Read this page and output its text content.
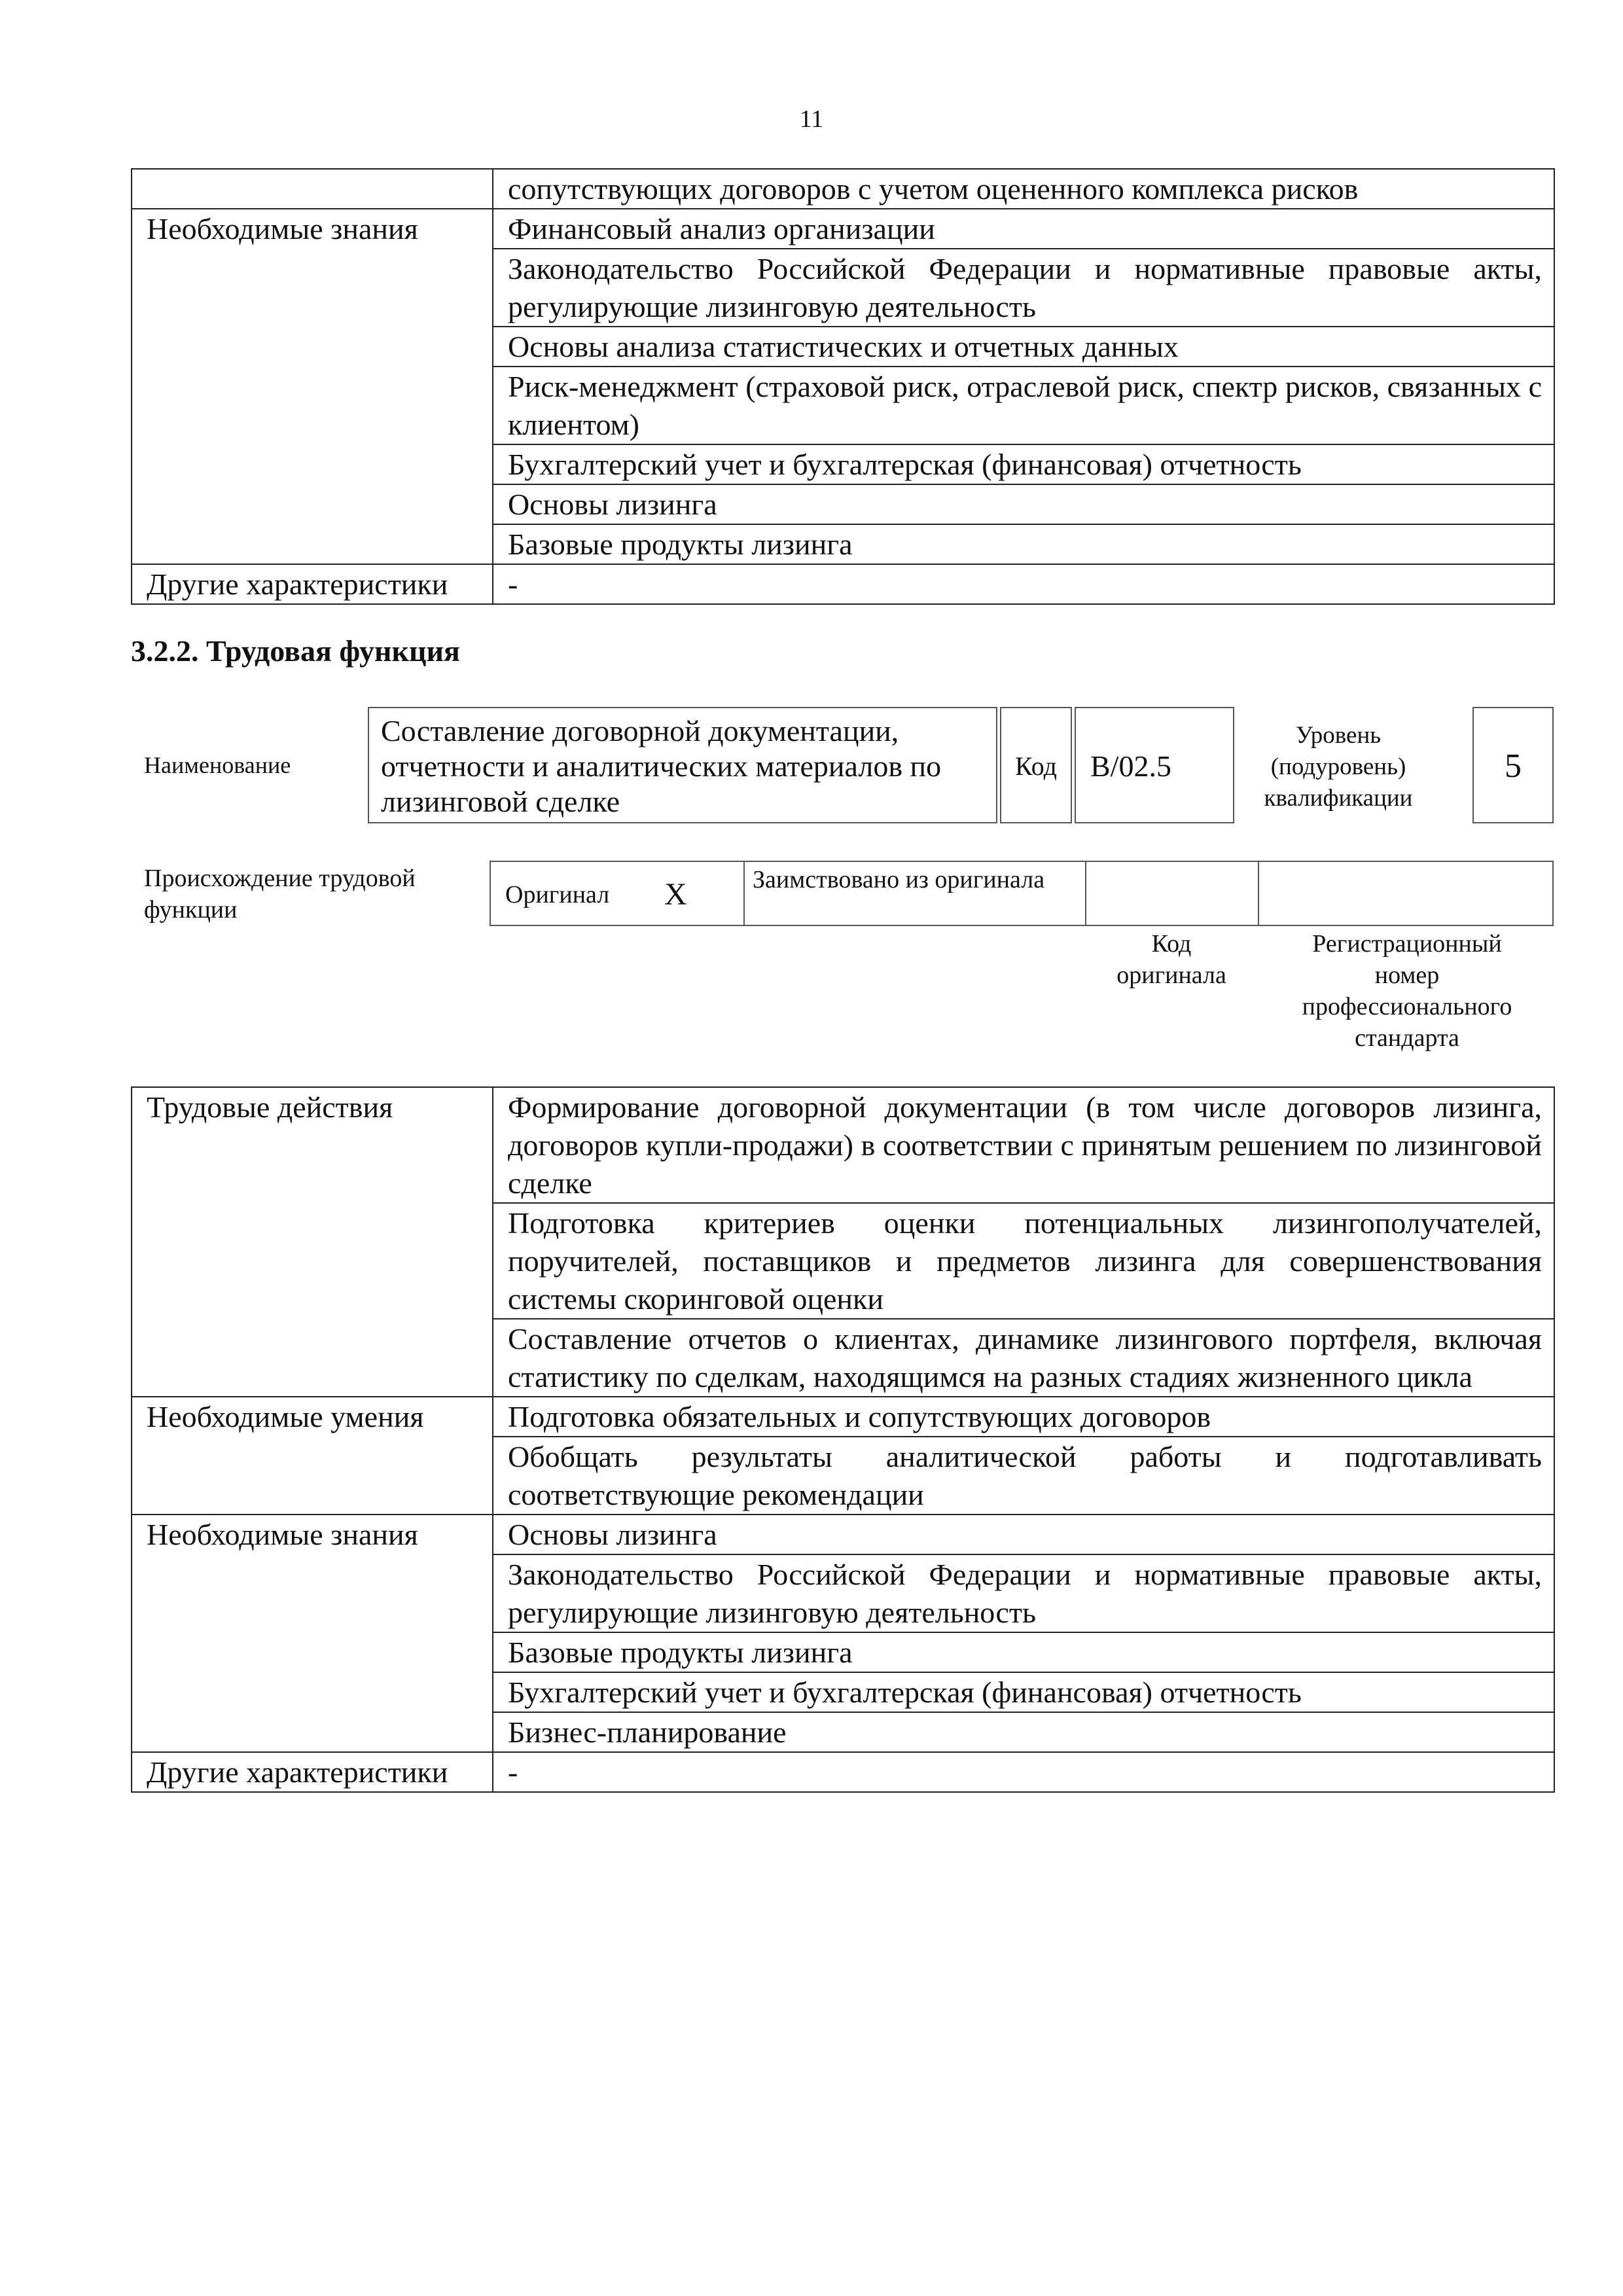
11
	сопутствующих договоров с учетом оцененного комплекса рисков
Необходимые знания	Финансовый анализ организации
	Законодательство Российской Федерации и нормативные правовые акты, регулирующие лизинговую деятельность
	Основы анализа статистических и отчетных данных
	Риск-менеджмент (страховой риск, отраслевой риск, спектр рисков, связанных с клиентом)
	Бухгалтерский учет и бухгалтерская (финансовая) отчетность
	Основы лизинга
	Базовые продукты лизинга
Другие характеристики	-
3.2.2. Трудовая функция
Наименование
Составление договорной документации, отчетности и аналитических материалов по лизинговой сделке
Код	B/02.5
Уровень (подуровень) квалификации
5
Происхождение трудовой функции
Оригинал X	Заимствовано из оригинала
Код оригинала
Регистрационный номер профессионального стандарта
Трудовые действия	Формирование договорной документации (в том числе договоров лизинга, договоров купли-продажи) в соответствии с принятым решением по лизинговой сделке
	Подготовка критериев оценки потенциальных лизингополучателей, поручителей, поставщиков и предметов лизинга для совершенствования системы скоринговой оценки
	Составление отчетов о клиентах, динамике лизингового портфеля, включая статистику по сделкам, находящимся на разных стадиях жизненного цикла
Необходимые умения	Подготовка обязательных и сопутствующих договоров
	Обобщать результаты аналитической работы и подготавливать соответствующие рекомендации
Необходимые знания	Основы лизинга
	Законодательство Российской Федерации и нормативные правовые акты, регулирующие лизинговую деятельность
	Базовые продукты лизинга
	Бухгалтерский учет и бухгалтерская (финансовая) отчетность
	Бизнес-планирование
Другие характеристики	-
